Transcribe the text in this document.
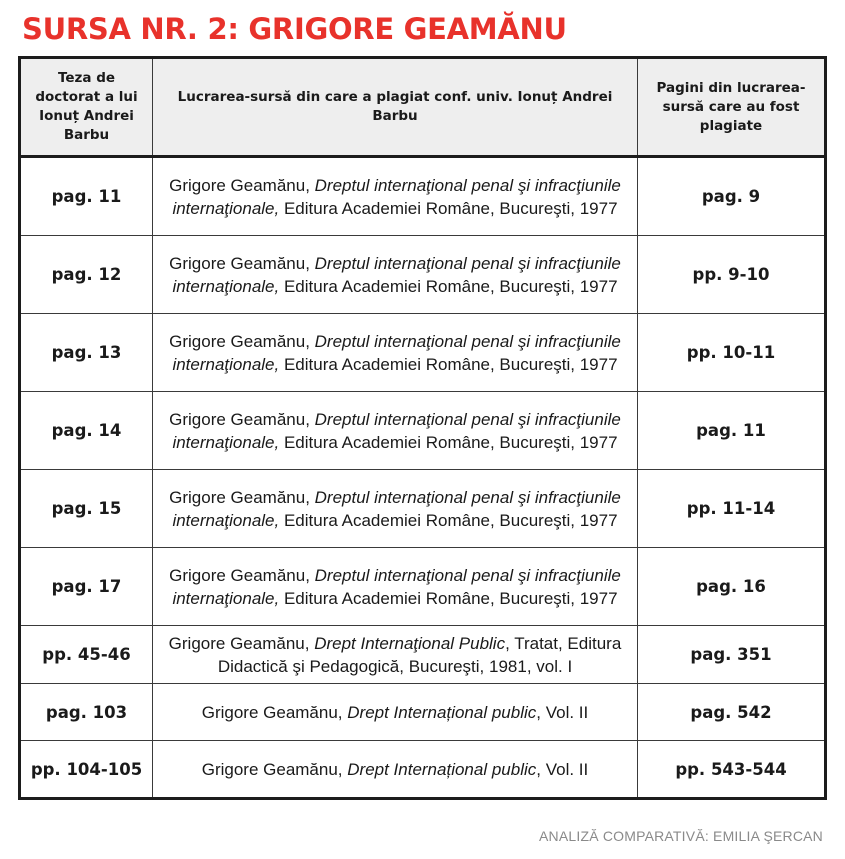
SURSA NR. 2: GRIGORE GEAMĂNU
Teza de doctorat a lui Ionuț Andrei Barbu	Lucrarea-sursă din care a plagiat conf. univ. Ionuț Andrei Barbu	Pagini din lucrarea-sursă care au fost plagiate
pag. 11	Grigore Geamănu, Dreptul internaţional penal şi infracţiunile internaţionale, Editura Academiei Române, Bucureşti, 1977	pag. 9
pag. 12	Grigore Geamănu, Dreptul internaţional penal şi infracţiunile internaţionale, Editura Academiei Române, Bucureşti, 1977	pp. 9-10
pag. 13	Grigore Geamănu, Dreptul internaţional penal şi infracţiunile internaţionale, Editura Academiei Române, Bucureşti, 1977	pp. 10-11
pag. 14	Grigore Geamănu, Dreptul internaţional penal şi infracţiunile internaţionale, Editura Academiei Române, Bucureşti, 1977	pag. 11
pag. 15	Grigore Geamănu, Dreptul internaţional penal şi infracţiunile internaţionale, Editura Academiei Române, Bucureşti, 1977	pp. 11-14
pag. 17	Grigore Geamănu, Dreptul internaţional penal şi infracţiunile internaţionale, Editura Academiei Române, Bucureşti, 1977	pag. 16
pp. 45-46	Grigore Geamănu, Drept Internaţional Public, Tratat, Editura Didactică şi Pedagogică, Bucureşti, 1981, vol. I	pag. 351
pag. 103	Grigore Geamănu, Drept Internațional public, Vol. II	pag. 542
pp. 104-105	Grigore Geamănu, Drept Internațional public, Vol. II	pp. 543-544
ANALIZĂ COMPARATIVĂ: EMILIA ŞERCAN
